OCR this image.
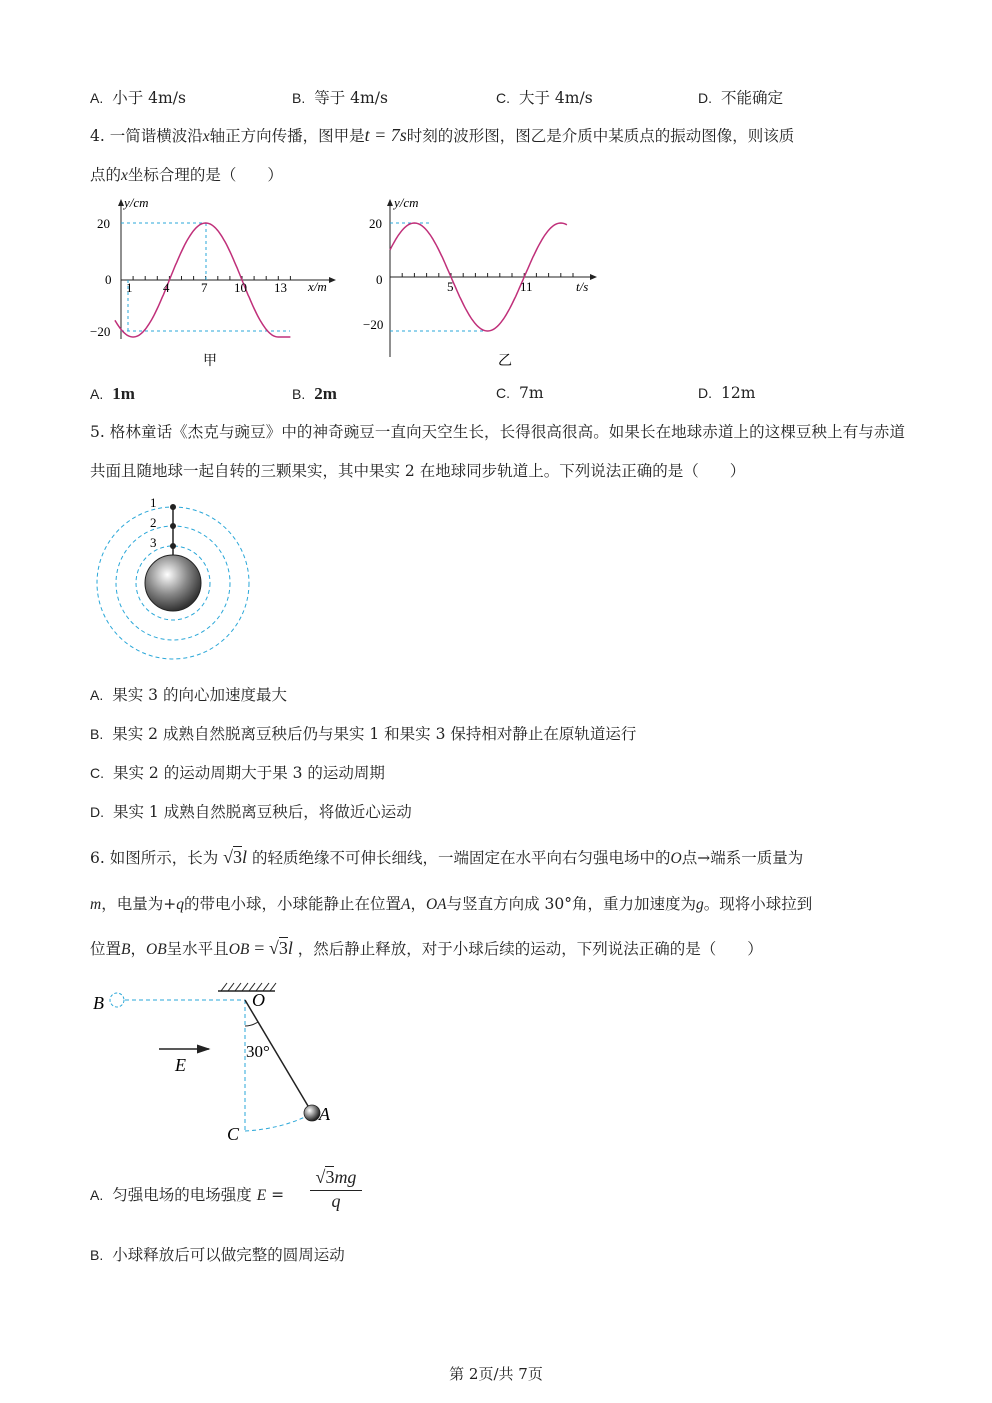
A. 小于 4m/s	B. 等于 4m/s	C. 大于 4m/s	D. 不能确定
4. 一简谐横波沿x轴正方向传播，图甲是t = 7s时刻的波形图，图乙是介质中某质点的振动图像，则该质
点的x坐标合理的是（　　）
y/cm
x/m
20
0
−20
1 4 7 10 13
甲
y/cm
t/s
20
0
−20
5	11
乙
A. 1m	B. 2m	C. 7m	D. 12m
5. 格林童话《杰克与豌豆》中的神奇豌豆一直向天空生长，长得很高很高。如果长在地球赤道上的这棵豆秧上有与赤道共面且随地球一起自转的三颗果实，其中果实 2 在地球同步轨道上。下列说法正确的是（　　）
1
2
3
A. 果实 3 的向心加速度最大
B. 果实 2 成熟自然脱离豆秧后仍与果实 1 和果实 3 保持相对静止在原轨道运行
C. 果实 2 的运动周期大于果 3 的运动周期
D. 果实 1 成熟自然脱离豆秧后，将做近心运动
6. 如图所示，长为 √3l 的轻质绝缘不可伸长细线，一端固定在水平向右匀强电场中的O点→端系一质量为
m，电量为+q的带电小球，小球能静止在位置A，OA与竖直方向成 30°角，重力加速度为g。现将小球拉到
位置B，OB呈水平且OB = √3l ，然后静止释放，对于小球后续的运动，下列说法正确的是（　　）
B	O
E
30°
C
A
A. 匀强电场的电场强度 E =
√3mg
q
B. 小球释放后可以做完整的圆周运动
第 2页/共 7页
